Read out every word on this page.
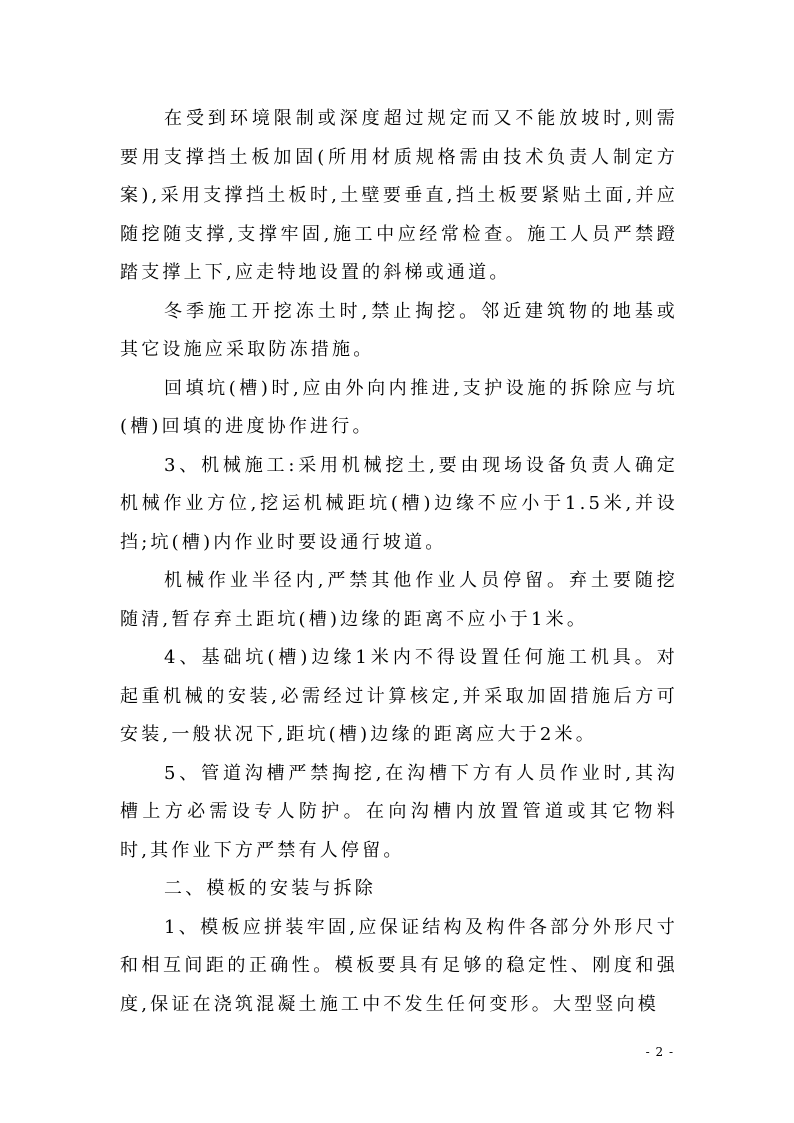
在受到环境限制或深度超过规定而又不能放坡时,则需要用支撑挡土板加固(所用材质规格需由技术负责人制定方案),采用支撑挡土板时,土壁要垂直,挡土板要紧贴土面,并应随挖随支撑,支撑牢固,施工中应经常检查。施工人员严禁蹬踏支撑上下,应走特地设置的斜梯或通道。

冬季施工开挖冻土时,禁止掏挖。邻近建筑物的地基或其它设施应采取防冻措施。

回填坑(槽)时,应由外向内推进,支护设施的拆除应与坑(槽)回填的进度协作进行。

3、机械施工:采用机械挖土,要由现场设备负责人确定机械作业方位,挖运机械距坑(槽)边缘不应小于1.5米,并设挡;坑(槽)内作业时要设通行坡道。

机械作业半径内,严禁其他作业人员停留。弃土要随挖随清,暂存弃土距坑(槽)边缘的距离不应小于1米。

4、基础坑(槽)边缘1米内不得设置任何施工机具。对起重机械的安装,必需经过计算核定,并采取加固措施后方可安装,一般状况下,距坑(槽)边缘的距离应大于2米。

5、管道沟槽严禁掏挖,在沟槽下方有人员作业时,其沟槽上方必需设专人防护。在向沟槽内放置管道或其它物料时,其作业下方严禁有人停留。

二、模板的安装与拆除

1、模板应拼装牢固,应保证结构及构件各部分外形尺寸和相互间距的正确性。模板要具有足够的稳定性、刚度和强度,保证在浇筑混凝土施工中不发生任何变形。大型竖向模

- 2 -
